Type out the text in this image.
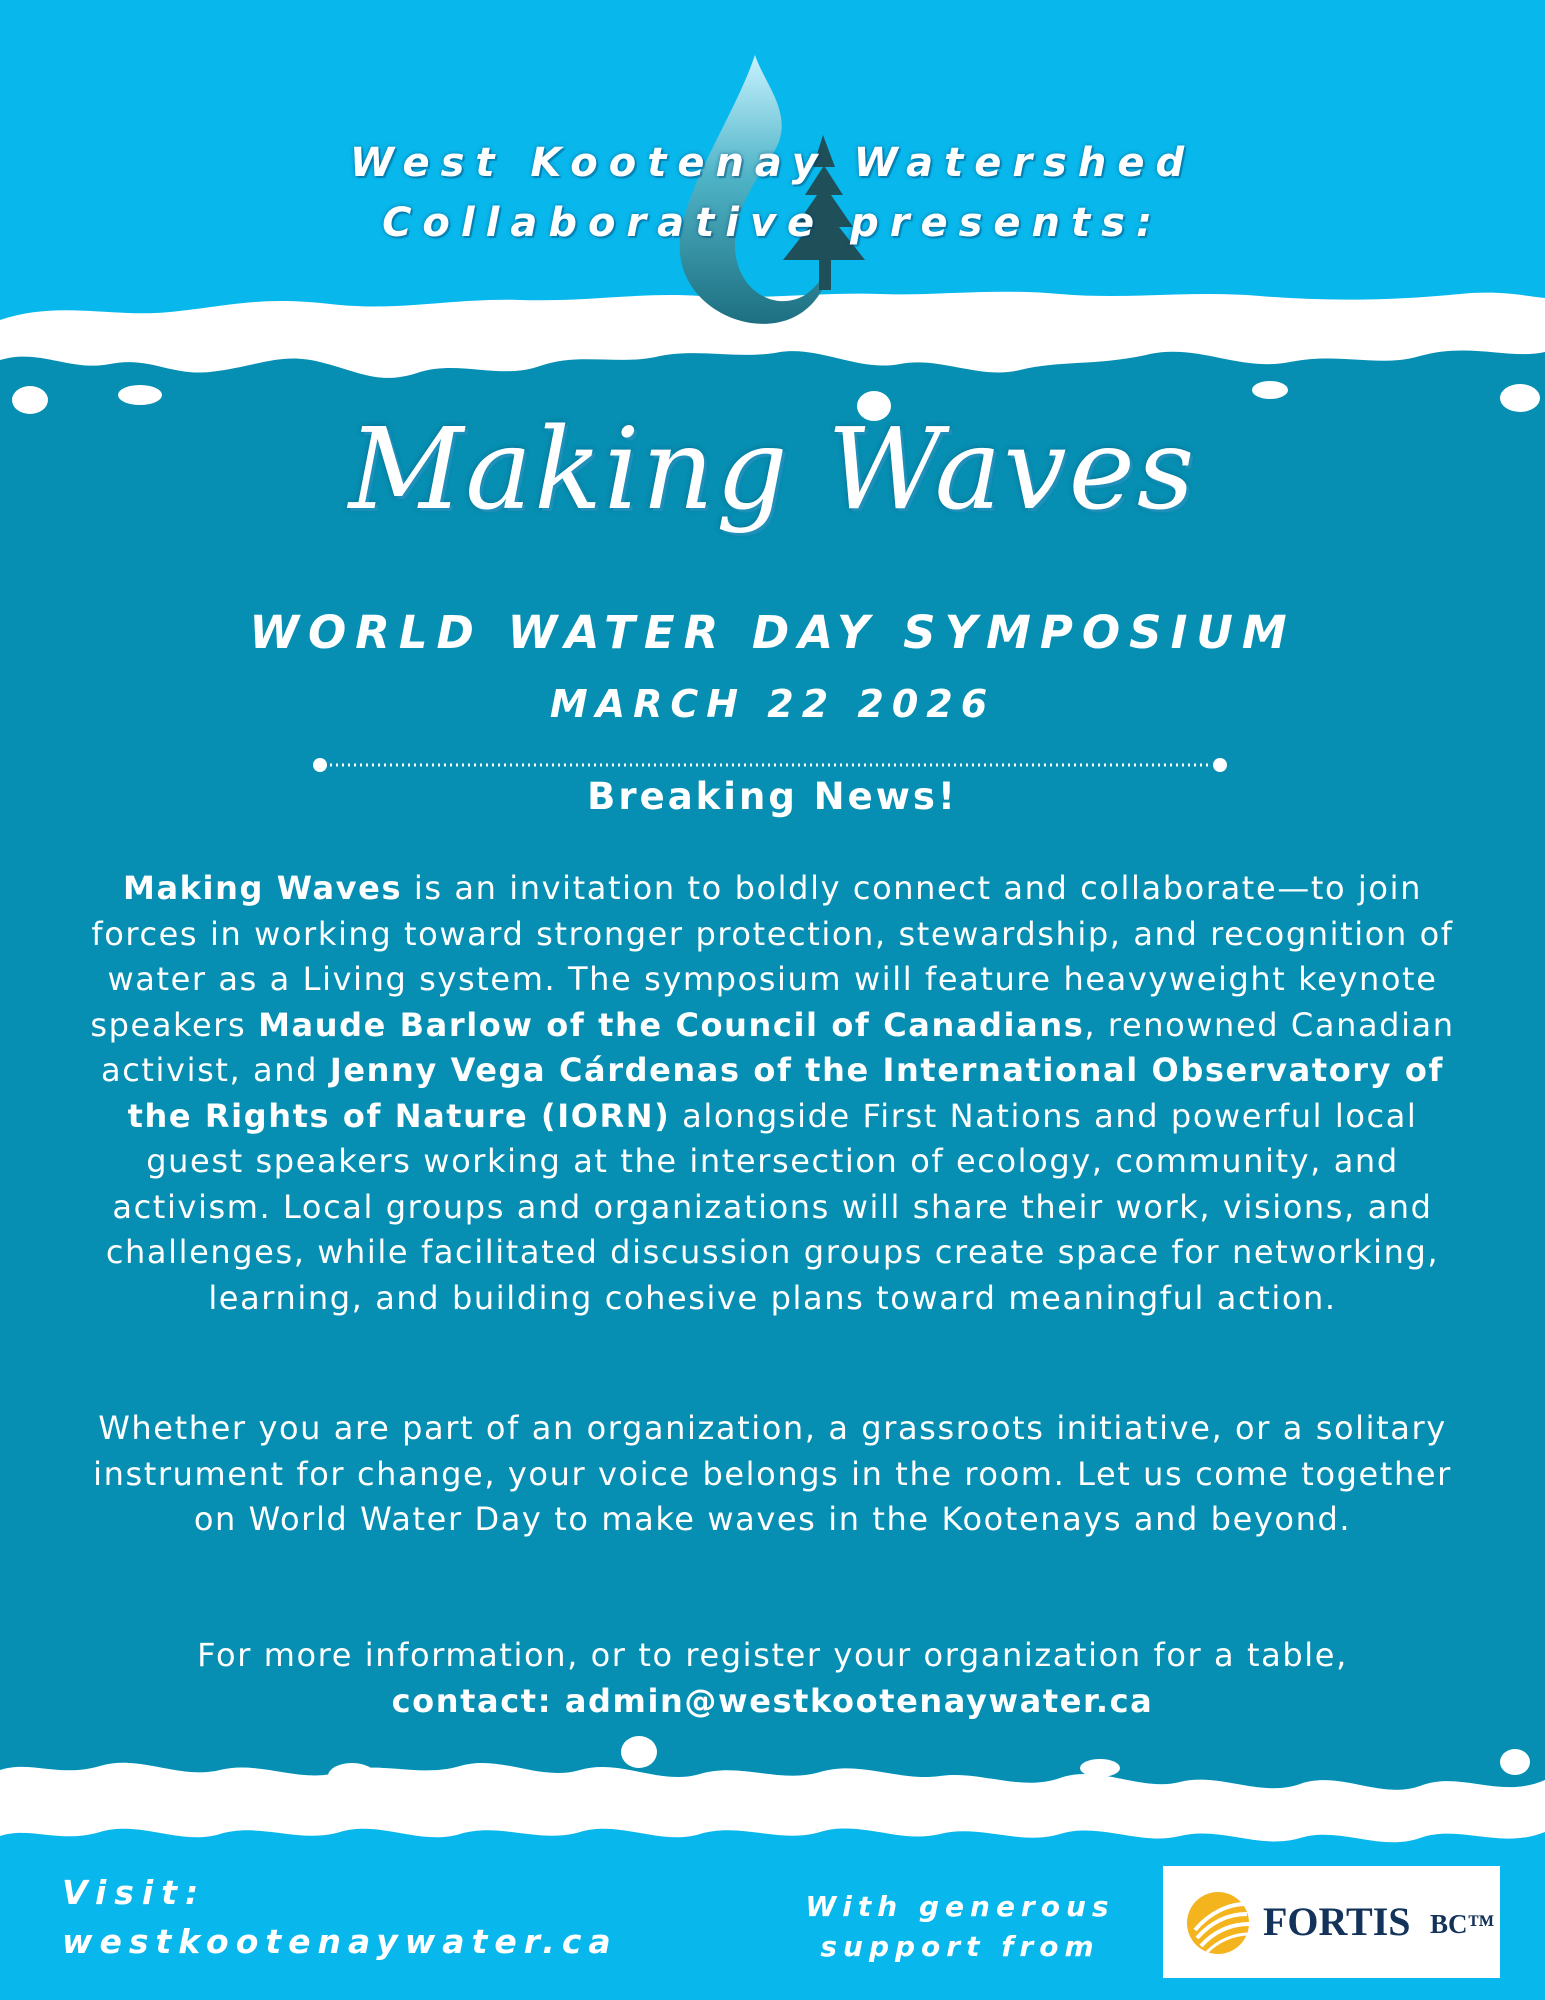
West Kootenay Watershed
Collaborative presents:
Making Waves
WORLD WATER DAY SYMPOSIUM
MARCH 22 2026
Breaking News!
Making Waves is an invitation to boldly connect and collaborate—to join forces in working toward stronger protection, stewardship, and recognition of water as a Living system. The symposium will feature heavyweight keynote speakers Maude Barlow of the Council of Canadians, renowned Canadian activist, and Jenny Vega Cárdenas of the International Observatory of the Rights of Nature (IORN) alongside First Nations and powerful local guest speakers working at the intersection of ecology, community, and activism. Local groups and organizations will share their work, visions, and challenges, while facilitated discussion groups create space for networking, learning, and building cohesive plans toward meaningful action.
Whether you are part of an organization, a grassroots initiative, or a solitary instrument for change, your voice belongs in the room. Let us come together on World Water Day to make waves in the Kootenays and beyond.
For more information, or to register your organization for a table,
contact: admin@westkootenaywater.ca
Visit:
westkootenaywater.ca
With generous
support from
FORTIS BC™
